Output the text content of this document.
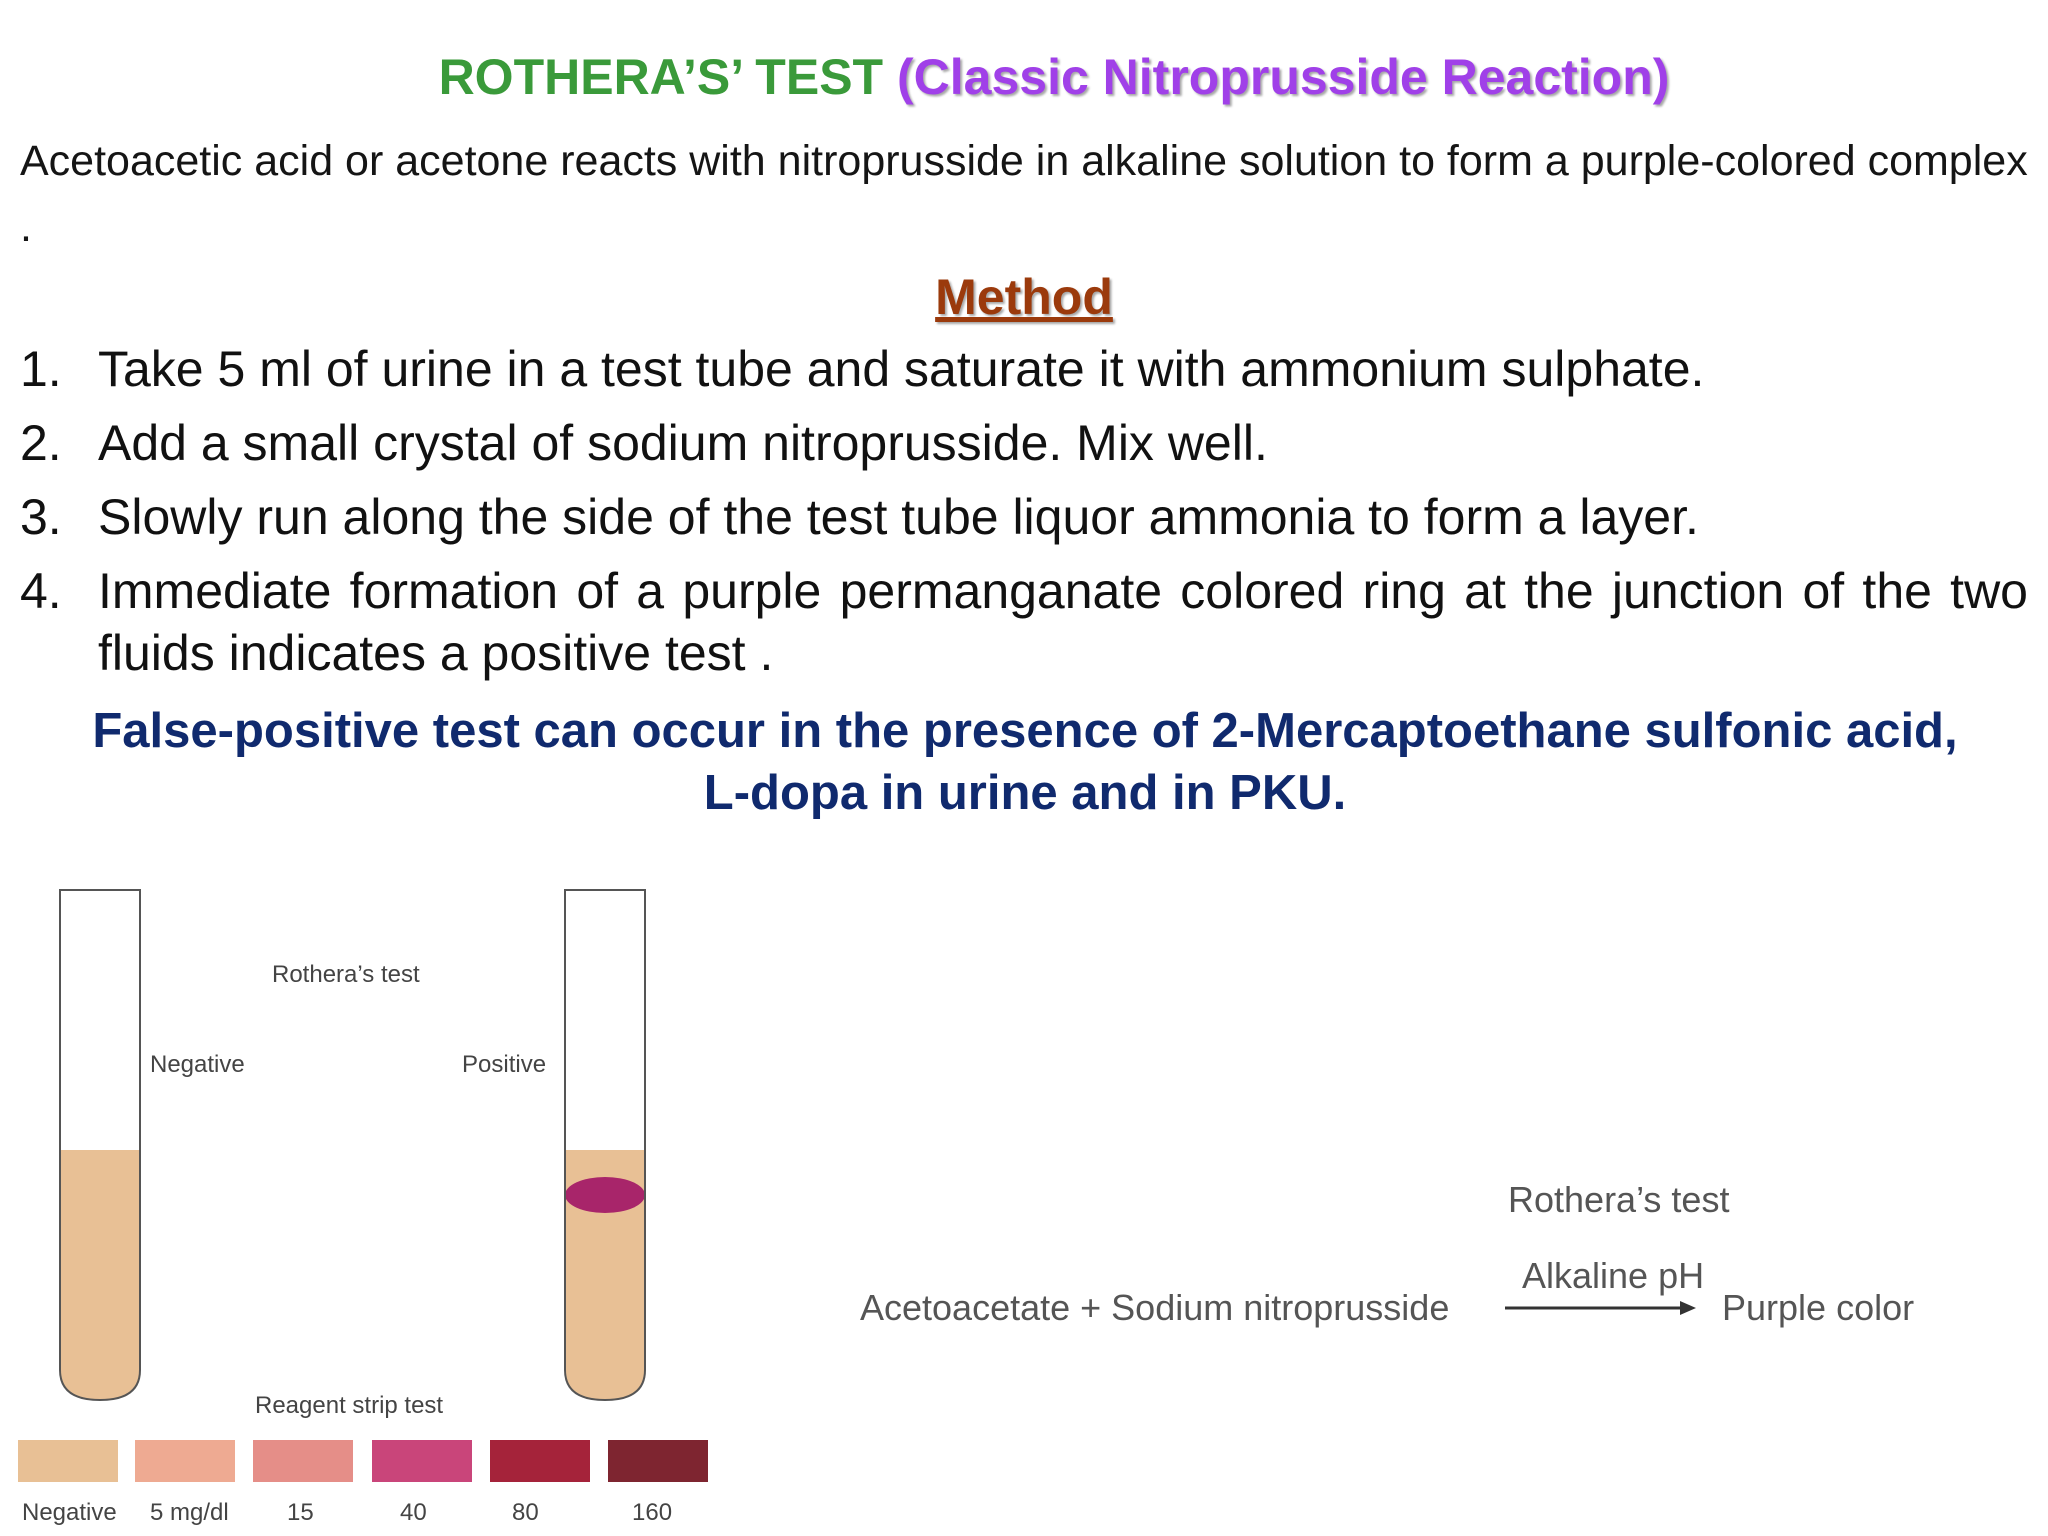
ROTHERA’S’ TEST (Classic Nitroprusside Reaction)
Acetoacetic acid or acetone reacts with nitroprusside in alkaline solution to form a purple-colored complex .
Method
1. Take 5 ml of urine in a test tube and saturate it with ammonium sulphate.
2. Add a small crystal of sodium nitroprusside. Mix well.
3. Slowly run along the side of the test tube liquor ammonia to form a layer.
4. Immediate formation of a purple permanganate colored ring at the junction of the two fluids indicates a positive test .
False-positive test can occur in the presence of 2-Mercaptoethane sulfonic acid,
L-dopa in urine and in PKU.
Rothera’s test
Negative	Positive
Reagent strip test
Negative 5 mg/dl 15	40	80	160
Rothera’s test
Alkaline pH
Acetoacetate + Sodium nitroprusside	Purple color
